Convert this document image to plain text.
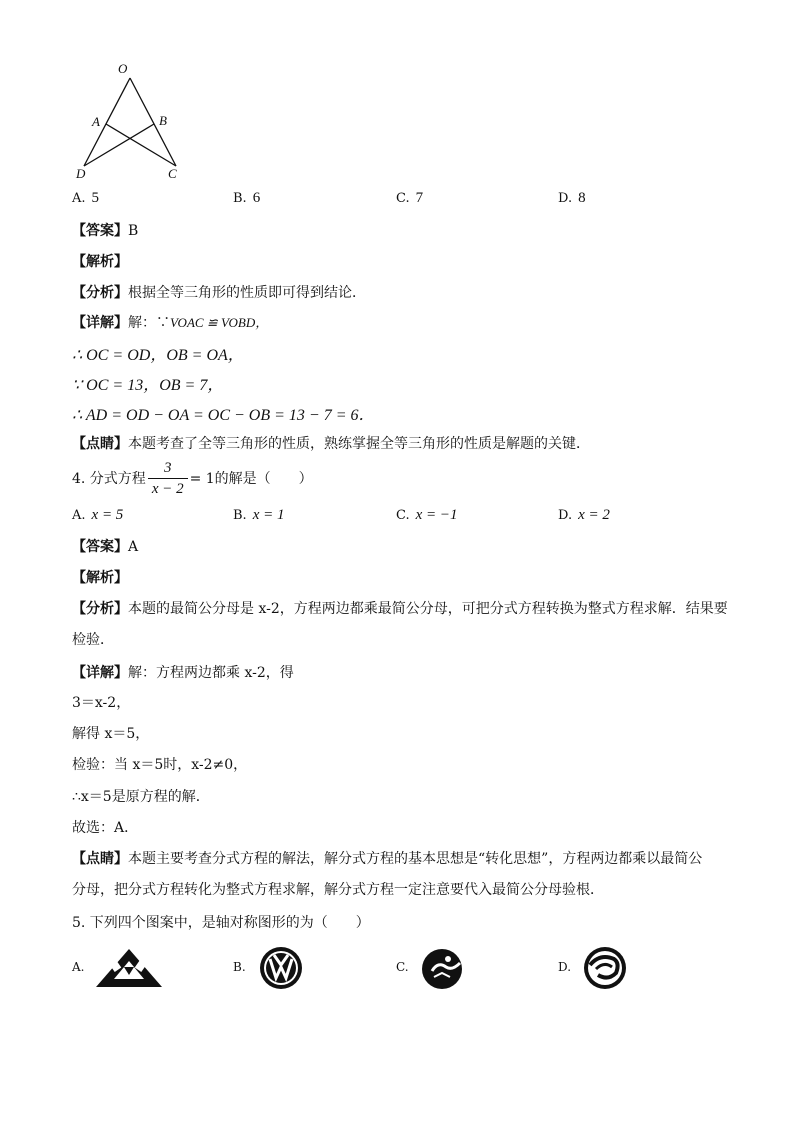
O
A	B
D	C
A. 5	B. 6	C. 7	D. 8
【答案】B
【解析】
【分析】根据全等三角形的性质即可得到结论．
【详解】解：∵VOAC ≌ VOBD，
∴ OC = OD，OB = OA，
∵ OC = 13，OB = 7，
∴ AD = OD − OA = OC − OB = 13 − 7 = 6．
【点睛】本题考查了全等三角形的性质，熟练掌握全等三角形的性质是解题的关键．
4. 分式方程 $\frac{3}{x - 2} = 1$的解是（　　）
A. x = 5	B. x = 1	C. x = −1	D. x = 2
【答案】A
【解析】
【分析】本题的最简公分母是 x-2，方程两边都乘最简公分母，可把分式方程转换为整式方程求解．结果要
检验．
【详解】解：方程两边都乘 x-2，得
3＝x-2，
解得 x＝5，
检验：当 x＝5时，x-2≠0，
∴x＝5是原方程的解．
故选：A．
【点睛】本题主要考查分式方程的解法，解分式方程的基本思想是“转化思想”，方程两边都乘以最简公
分母，把分式方程转化为整式方程求解，解分式方程一定注意要代入最简公分母验根．
5. 下列四个图案中，是轴对称图形的为（　　）
A.	B.	C.	D.
